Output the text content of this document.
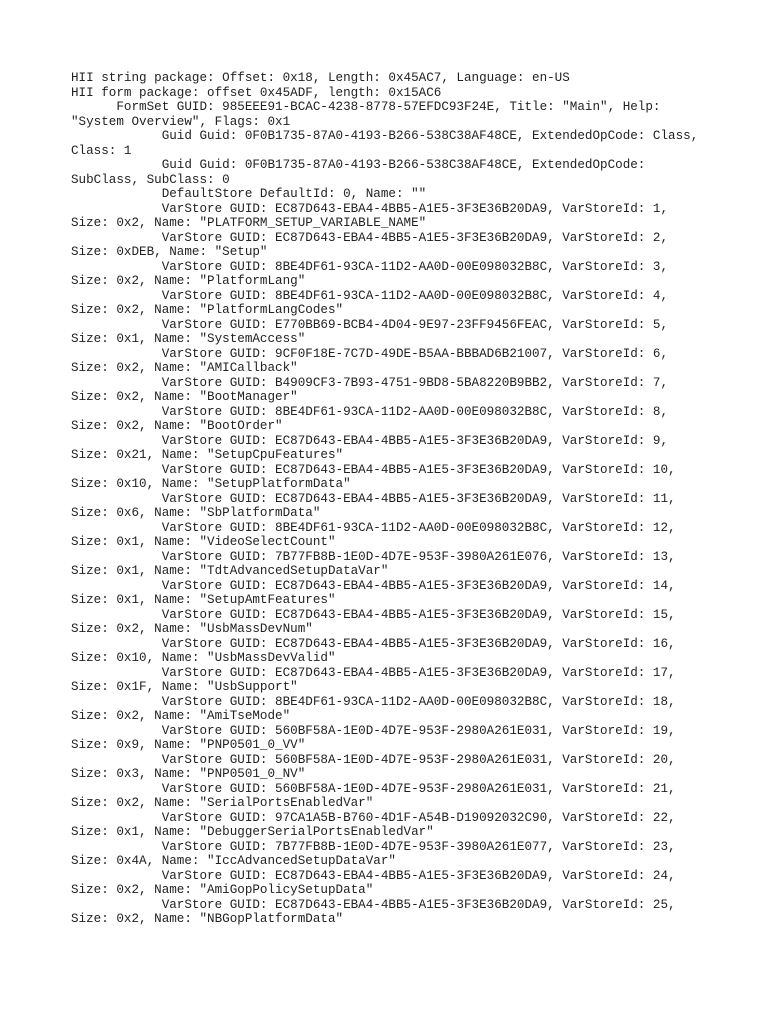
HII string package: Offset: 0x18, Length: 0x45AC7, Language: en-US
HII form package: offset 0x45ADF, length: 0x15AC6
FormSet GUID: 985EEE91-BCAC-4238-8778-57EFDC93F24E, Title: "Main", Help:
"System Overview", Flags: 0x1
Guid Guid: 0F0B1735-87A0-4193-B266-538C38AF48CE, ExtendedOpCode: Class,
Class: 1
Guid Guid: 0F0B1735-87A0-4193-B266-538C38AF48CE, ExtendedOpCode:
SubClass, SubClass: 0
DefaultStore DefaultId: 0, Name: ""
VarStore GUID: EC87D643-EBA4-4BB5-A1E5-3F3E36B20DA9, VarStoreId: 1,
Size: 0x2, Name: "PLATFORM_SETUP_VARIABLE_NAME"
VarStore GUID: EC87D643-EBA4-4BB5-A1E5-3F3E36B20DA9, VarStoreId: 2,
Size: 0xDEB, Name: "Setup"
VarStore GUID: 8BE4DF61-93CA-11D2-AA0D-00E098032B8C, VarStoreId: 3,
Size: 0x2, Name: "PlatformLang"
VarStore GUID: 8BE4DF61-93CA-11D2-AA0D-00E098032B8C, VarStoreId: 4,
Size: 0x2, Name: "PlatformLangCodes"
VarStore GUID: E770BB69-BCB4-4D04-9E97-23FF9456FEAC, VarStoreId: 5,
Size: 0x1, Name: "SystemAccess"
VarStore GUID: 9CF0F18E-7C7D-49DE-B5AA-BBBAD6B21007, VarStoreId: 6,
Size: 0x2, Name: "AMICallback"
VarStore GUID: B4909CF3-7B93-4751-9BD8-5BA8220B9BB2, VarStoreId: 7,
Size: 0x2, Name: "BootManager"
VarStore GUID: 8BE4DF61-93CA-11D2-AA0D-00E098032B8C, VarStoreId: 8,
Size: 0x2, Name: "BootOrder"
VarStore GUID: EC87D643-EBA4-4BB5-A1E5-3F3E36B20DA9, VarStoreId: 9,
Size: 0x21, Name: "SetupCpuFeatures"
VarStore GUID: EC87D643-EBA4-4BB5-A1E5-3F3E36B20DA9, VarStoreId: 10,
Size: 0x10, Name: "SetupPlatformData"
VarStore GUID: EC87D643-EBA4-4BB5-A1E5-3F3E36B20DA9, VarStoreId: 11,
Size: 0x6, Name: "SbPlatformData"
VarStore GUID: 8BE4DF61-93CA-11D2-AA0D-00E098032B8C, VarStoreId: 12,
Size: 0x1, Name: "VideoSelectCount"
VarStore GUID: 7B77FB8B-1E0D-4D7E-953F-3980A261E076, VarStoreId: 13,
Size: 0x1, Name: "TdtAdvancedSetupDataVar"
VarStore GUID: EC87D643-EBA4-4BB5-A1E5-3F3E36B20DA9, VarStoreId: 14,
Size: 0x1, Name: "SetupAmtFeatures"
VarStore GUID: EC87D643-EBA4-4BB5-A1E5-3F3E36B20DA9, VarStoreId: 15,
Size: 0x2, Name: "UsbMassDevNum"
VarStore GUID: EC87D643-EBA4-4BB5-A1E5-3F3E36B20DA9, VarStoreId: 16,
Size: 0x10, Name: "UsbMassDevValid"
VarStore GUID: EC87D643-EBA4-4BB5-A1E5-3F3E36B20DA9, VarStoreId: 17,
Size: 0x1F, Name: "UsbSupport"
VarStore GUID: 8BE4DF61-93CA-11D2-AA0D-00E098032B8C, VarStoreId: 18,
Size: 0x2, Name: "AmiTseMode"
VarStore GUID: 560BF58A-1E0D-4D7E-953F-2980A261E031, VarStoreId: 19,
Size: 0x9, Name: "PNP0501_0_VV"
VarStore GUID: 560BF58A-1E0D-4D7E-953F-2980A261E031, VarStoreId: 20,
Size: 0x3, Name: "PNP0501_0_NV"
VarStore GUID: 560BF58A-1E0D-4D7E-953F-2980A261E031, VarStoreId: 21,
Size: 0x2, Name: "SerialPortsEnabledVar"
VarStore GUID: 97CA1A5B-B760-4D1F-A54B-D19092032C90, VarStoreId: 22,
Size: 0x1, Name: "DebuggerSerialPortsEnabledVar"
VarStore GUID: 7B77FB8B-1E0D-4D7E-953F-3980A261E077, VarStoreId: 23,
Size: 0x4A, Name: "IccAdvancedSetupDataVar"
VarStore GUID: EC87D643-EBA4-4BB5-A1E5-3F3E36B20DA9, VarStoreId: 24,
Size: 0x2, Name: "AmiGopPolicySetupData"
VarStore GUID: EC87D643-EBA4-4BB5-A1E5-3F3E36B20DA9, VarStoreId: 25,
Size: 0x2, Name: "NBGopPlatformData"
